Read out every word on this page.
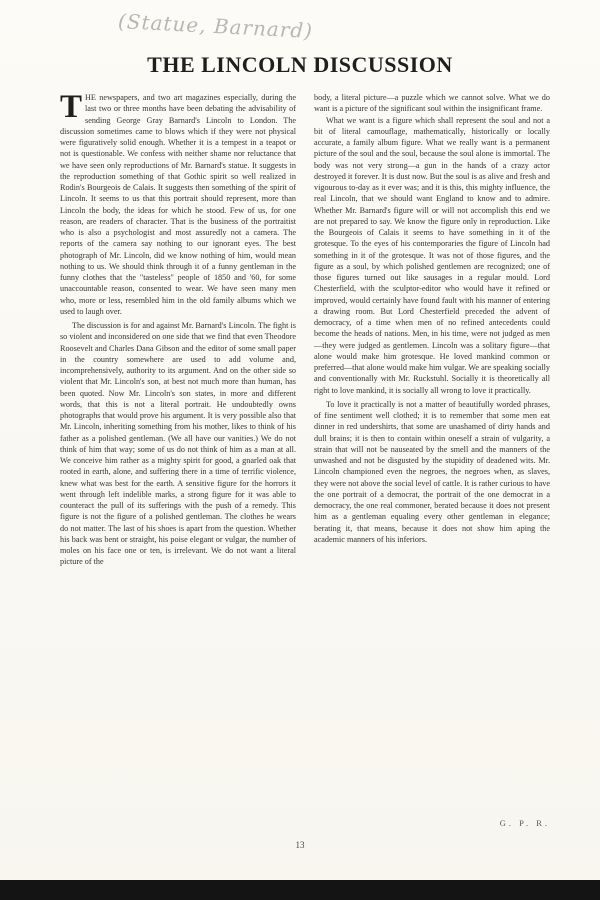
(Statue, Barnard)
THE LINCOLN DISCUSSION

THE newspapers, and two art magazines especially, during the last two or three months have been debating the advisability of sending George Gray Barnard's Lincoln to London. The discussion sometimes came to blows which if they were not physical were figuratively solid enough. Whether it is a tempest in a teapot or not is questionable. We confess with neither shame nor reluctance that we have seen only reproductions of Mr. Barnard's statue. It suggests in the reproduction something of that Gothic spirit so well realized in Rodin's Bourgeois de Calais. It suggests then something of the spirit of Lincoln. It seems to us that this portrait should represent, more than Lincoln the body, the ideas for which he stood. Few of us, for one reason, are readers of character. That is the business of the portraitist who is also a psychologist and most assuredly not a camera. The reports of the camera say nothing to our ignorant eyes. The best photograph of Mr. Lincoln, did we know nothing of him, would mean nothing to us. We should think through it of a funny gentleman in the funny clothes that the "tasteless" people of 1850 and '60, for some unaccountable reason, consented to wear. We have seen many men who, more or less, resembled him in the old family albums which we used to laugh over.

The discussion is for and against Mr. Barnard's Lincoln. The fight is so violent and inconsidered on one side that we find that even Theodore Roosevelt and Charles Dana Gibson and the editor of some small paper in the country somewhere are used to add volume and, incomprehensively, authority to its argument. And on the other side so violent that Mr. Lincoln's son, at best not much more than human, has been quoted. Now Mr. Lincoln's son states, in more and different words, that this is not a literal portrait. He undoubtedly owns photographs that would prove his argument. It is very possible also that Mr. Lincoln, inheriting something from his mother, likes to think of his father as a polished gentleman. (We all have our vanities.) We do not think of him that way; some of us do not think of him as a man at all. We conceive him rather as a mighty spirit for good, a gnarled oak that rooted in earth, alone, and suffering there in a time of terrific violence, knew what was best for the earth. A sensitive figure for the horrors it went through left indelible marks, a strong figure for it was able to counteract the pull of its sufferings with the push of a remedy. This figure is not the figure of a polished gentleman. The clothes he wears do not matter. The last of his shoes is apart from the question. Whether his back was bent or straight, his poise elegant or vulgar, the number of moles on his face one or ten, is irrelevant. We do not want a literal picture of the

body, a literal picture—a puzzle which we cannot solve. What we do want is a picture of the significant soul within the insignificant frame.

What we want is a figure which shall represent the soul and not a bit of literal camouflage, mathematically, historically or locally accurate, a family album figure. What we really want is a permanent picture of the soul and the soul, because the soul alone is immortal. The body was not very strong—a gun in the hands of a crazy actor destroyed it forever. It is dust now. But the soul is as alive and fresh and vigourous to-day as it ever was; and it is this, this mighty influence, the real Lincoln, that we should want England to know and to admire. Whether Mr. Barnard's figure will or will not accomplish this end we are not prepared to say. We know the figure only in reproduction. Like the Bourgeois of Calais it seems to have something in it of the grotesque. To the eyes of his contemporaries the figure of Lincoln had something in it of the grotesque. It was not of those figures, and the figure as a soul, by which polished gentlemen are recognized; one of those figures turned out like sausages in a regular mould. Lord Chesterfield, with the sculptor-editor who would have it refined or improved, would certainly have found fault with his manner of entering a drawing room. But Lord Chesterfield preceded the advent of democracy, of a time when men of no refined antecedents could become the heads of nations. Men, in his time, were not judged as men—they were judged as gentlemen. Lincoln was a solitary figure—that alone would make him grotesque. He loved mankind common or preferred—that alone would make him vulgar. We are speaking socially and conventionally with Mr. Ruckstuhl. Socially it is theoretically all right to love mankind, it is socially all wrong to love it practically.

To love it practically is not a matter of beautifully worded phrases, of fine sentiment well clothed; it is to remember that some men eat dinner in red undershirts, that some are unashamed of dirty hands and dull brains; it is then to contain within oneself a strain of vulgarity, a strain that will not be nauseated by the smell and the manners of the unwashed and not be disgusted by the stupidity of deadened wits. Mr. Lincoln championed even the negroes, the negroes when, as slaves, they were not above the social level of cattle. It is rather curious to have the one portrait of a democrat, the portrait of the one democrat in a democracy, the one real commoner, berated because it does not present him as a gentleman equaling every other gentleman in elegance; berating it, that means, because it does not show him aping the academic manners of his inferiors.

G. P. R.
13
